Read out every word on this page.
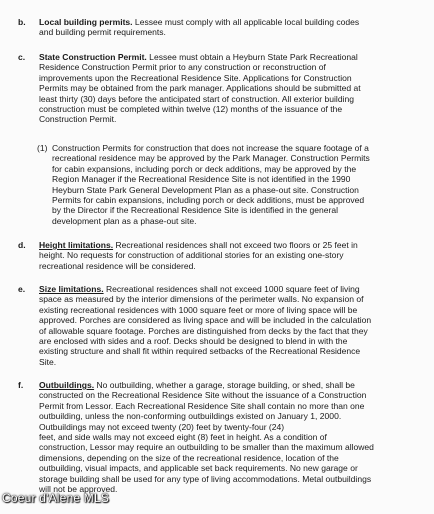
b. Local building permits. Lessee must comply with all applicable local building codes
and building permit requirements.
c. State Construction Permit. Lessee must obtain a Heyburn State Park Recreational
Residence Construction Permit prior to any construction or reconstruction of
improvements upon the Recreational Residence Site. Applications for Construction
Permits may be obtained from the park manager. Applications should be submitted at
least thirty (30) days before the anticipated start of construction. All exterior building
construction must be completed within twelve (12) months of the issuance of the
Construction Permit.
(1) Construction Permits for construction that does not increase the square footage of a
recreational residence may be approved by the Park Manager. Construction Permits
for cabin expansions, including porch or deck additions, may be approved by the
Region Manager if the Recreational Residence Site is not identified in the 1990
Heyburn State Park General Development Plan as a phase-out site. Construction
Permits for cabin expansions, including porch or deck additions, must be approved
by the Director if the Recreational Residence Site is identified in the general
development plan as a phase-out site.
d. Height limitations. Recreational residences shall not exceed two floors or 25 feet in
height. No requests for construction of additional stories for an existing one-story
recreational residence will be considered.
e. Size limitations. Recreational residences shall not exceed 1000 square feet of living
space as measured by the interior dimensions of the perimeter walls. No expansion of
existing recreational residences with 1000 square feet or more of living space will be
approved. Porches are considered as living space and will be included in the calculation
of allowable square footage. Porches are distinguished from decks by the fact that they
are enclosed with sides and a roof. Decks should be designed to blend in with the
existing structure and shall fit within required setbacks of the Recreational Residence
Site.
f. Outbuildings. No outbuilding, whether a garage, storage building, or shed, shall be
constructed on the Recreational Residence Site without the issuance of a Construction
Permit from Lessor. Each Recreational Residence Site shall contain no more than one
outbuilding, unless the non-conforming outbuildings existed on January 1, 2000.
Outbuildings may not exceed twenty (20) feet by twenty-four (24)
feet, and side walls may not exceed eight (8) feet in height. As a condition of
construction, Lessor may require an outbuilding to be smaller than the maximum allowed
dimensions, depending on the size of the recreational residence, location of the
outbuilding, visual impacts, and applicable set back requirements. No new garage or
storage building shall be used for any type of living accommodations. Metal outbuildings
will not be approved.
Coeur d'Alene MLS
